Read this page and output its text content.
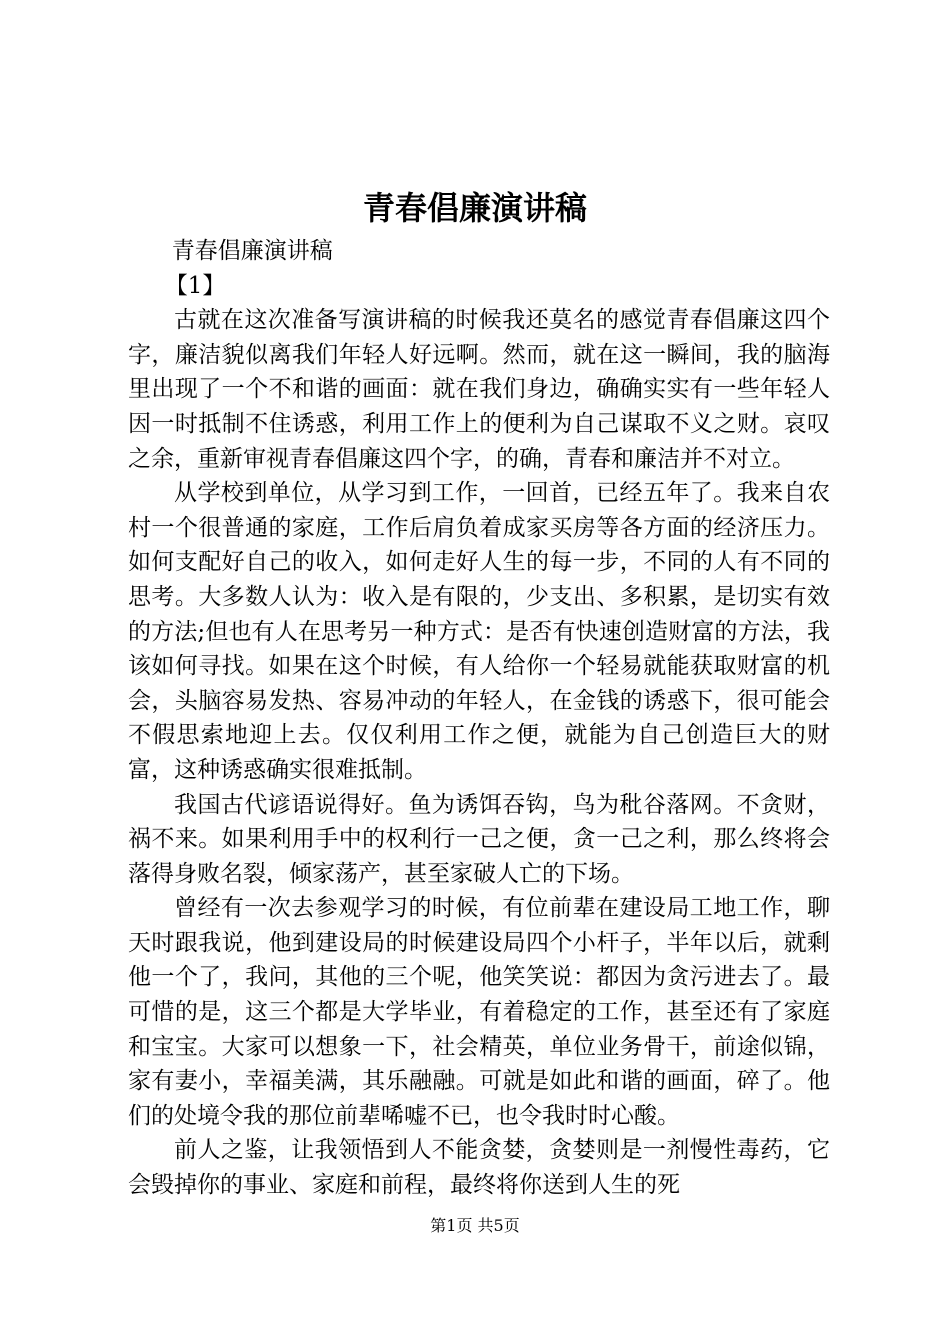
青春倡廉演讲稿

青春倡廉演讲稿

【1】

古就在这次准备写演讲稿的时候我还莫名的感觉青春倡廉这四个字，廉洁貌似离我们年轻人好远啊。然而，就在这一瞬间，我的脑海里出现了一个不和谐的画面：就在我们身边，确确实实有一些年轻人因一时抵制不住诱惑，利用工作上的便利为自己谋取不义之财。哀叹之余，重新审视青春倡廉这四个字，的确，青春和廉洁并不对立。

从学校到单位，从学习到工作，一回首，已经五年了。我来自农村一个很普通的家庭，工作后肩负着成家买房等各方面的经济压力。如何支配好自己的收入，如何走好人生的每一步，不同的人有不同的思考。大多数人认为：收入是有限的，少支出、多积累，是切实有效的方法;但也有人在思考另一种方式：是否有快速创造财富的方法，我该如何寻找。如果在这个时候，有人给你一个轻易就能获取财富的机会，头脑容易发热、容易冲动的年轻人，在金钱的诱惑下，很可能会不假思索地迎上去。仅仅利用工作之便，就能为自己创造巨大的财富，这种诱惑确实很难抵制。

我国古代谚语说得好。鱼为诱饵吞钩，鸟为秕谷落网。不贪财，祸不来。如果利用手中的权利行一己之便，贪一己之利，那么终将会落得身败名裂，倾家荡产，甚至家破人亡的下场。

曾经有一次去参观学习的时候，有位前辈在建设局工地工作，聊天时跟我说，他到建设局的时候建设局四个小杆子，半年以后，就剩他一个了，我问，其他的三个呢，他笑笑说：都因为贪污进去了。最可惜的是，这三个都是大学毕业，有着稳定的工作，甚至还有了家庭和宝宝。大家可以想象一下，社会精英，单位业务骨干，前途似锦，家有妻小，幸福美满，其乐融融。可就是如此和谐的画面，碎了。他们的处境令我的那位前辈唏嘘不已，也令我时时心酸。

前人之鉴，让我领悟到人不能贪婪，贪婪则是一剂慢性毒药，它会毁掉你的事业、家庭和前程，最终将你送到人生的死

第1页 共5页
